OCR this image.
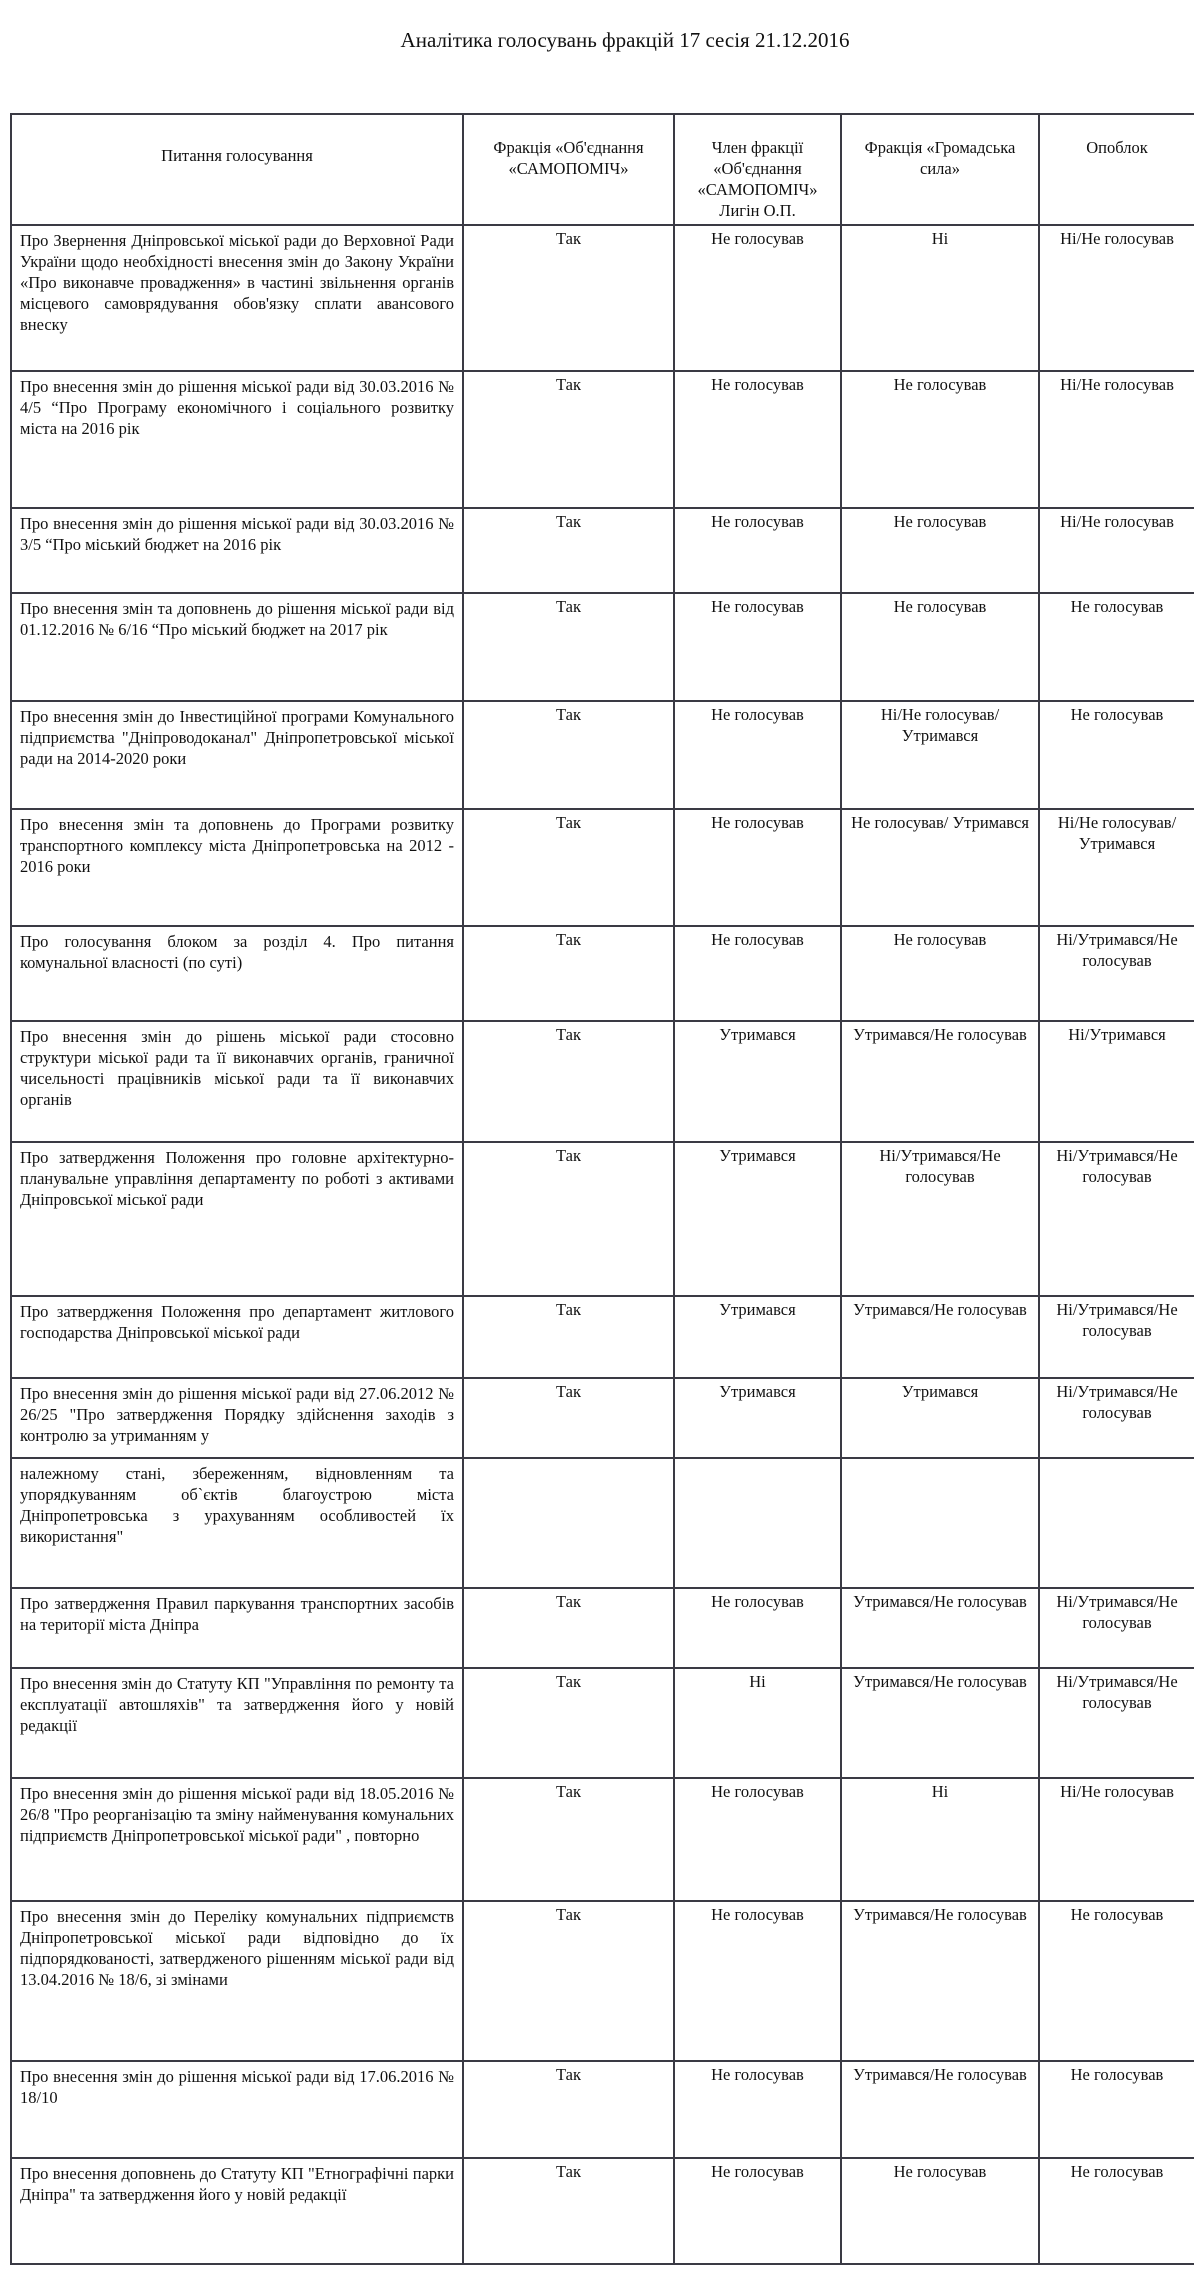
Аналітика голосувань фракцій 17 сесія 21.12.2016
Питання голосування	Фракція «Об'єднання «САМОПОМІЧ»	Член фракції «Об'єднання «САМОПОМІЧ» Лигін О.П.	Фракція «Громадська сила»	Опоблок
Про Звернення Дніпровської міської ради до Верховної Ради України щодо необхідності внесення змін до Закону України «Про виконавче провадження» в частині звільнення органів місцевого самоврядування обов'язку сплати авансового внеску	Так	Не голосував	Ні	Ні/Не голосував
Про внесення змін до рішення міської ради від 30.03.2016 № 4/5 “Про Програму економічного і соціального розвитку міста на 2016 рік	Так	Не голосував	Не голосував	Ні/Не голосував
Про внесення змін до рішення міської ради від 30.03.2016 № 3/5 “Про міський бюджет на 2016 рік	Так	Не голосував	Не голосував	Ні/Не голосував
Про внесення змін та доповнень до рішення міської ради від 01.12.2016 № 6/16 “Про міський бюджет на 2017 рік	Так	Не голосував	Не голосував	Не голосував
Про внесення змін до Інвестиційної програми Комунального підприємства "Дніпроводоканал" Дніпропетровської міської ради на 2014-2020 роки	Так	Не голосував	Ні/Не голосував/ Утримався	Не голосував
Про внесення змін та доповнень до Програми розвитку транспортного комплексу міста Дніпропетровська на 2012 - 2016 роки	Так	Не голосував	Не голосував/ Утримався	Ні/Не голосував/ Утримався
Про голосування блоком за розділ 4. Про питання комунальної власності (по суті)	Так	Не голосував	Не голосував	Ні/Утримався/Не голосував
Про внесення змін до рішень міської ради стосовно структури міської ради та її виконавчих органів, граничної чисельності працівників міської ради та її виконавчих органів	Так	Утримався	Утримався/Не голосував	Ні/Утримався
Про затвердження Положення про головне архітектурно-планувальне управління департаменту по роботі з активами Дніпровської міської ради	Так	Утримався	Ні/Утримався/Не голосував	Ні/Утримався/Не голосував
Про затвердження Положення про департамент житлового господарства Дніпровської міської ради	Так	Утримався	Утримався/Не голосував	Ні/Утримався/Не голосував
Про внесення змін до рішення міської ради від 27.06.2012 № 26/25 "Про затвердження Порядку здійснення заходів з контролю за утриманням у	Так	Утримався	Утримався	Ні/Утримався/Не голосував
належному стані, збереженням, відновленням та упорядкуванням об`єктів благоустрою міста Дніпропетровська з урахуванням особливостей їх використання"				
Про затвердження Правил паркування транспортних засобів на території міста Дніпра	Так	Не голосував	Утримався/Не голосував	Ні/Утримався/Не голосував
Про внесення змін до Статуту КП "Управління по ремонту та експлуатації автошляхів" та затвердження його у новій редакції	Так	Ні	Утримався/Не голосував	Ні/Утримався/Не голосував
Про внесення змін до рішення міської ради від 18.05.2016 № 26/8 "Про реорганізацію та зміну найменування комунальних підприємств Дніпропетровської міської ради" , повторно	Так	Не голосував	Ні	Ні/Не голосував
Про внесення змін до Переліку комунальних підприємств Дніпропетровської міської ради відповідно до їх підпорядкованості, затвердженого рішенням міської ради від 13.04.2016 № 18/6, зі змінами	Так	Не голосував	Утримався/Не голосував	Не голосував
Про внесення змін до рішення міської ради від 17.06.2016 № 18/10	Так	Не голосував	Утримався/Не голосував	Не голосував
Про внесення доповнень до Статуту КП "Етнографічні парки Дніпра" та затвердження його у новій редакції	Так	Не голосував	Не голосував	Не голосував
